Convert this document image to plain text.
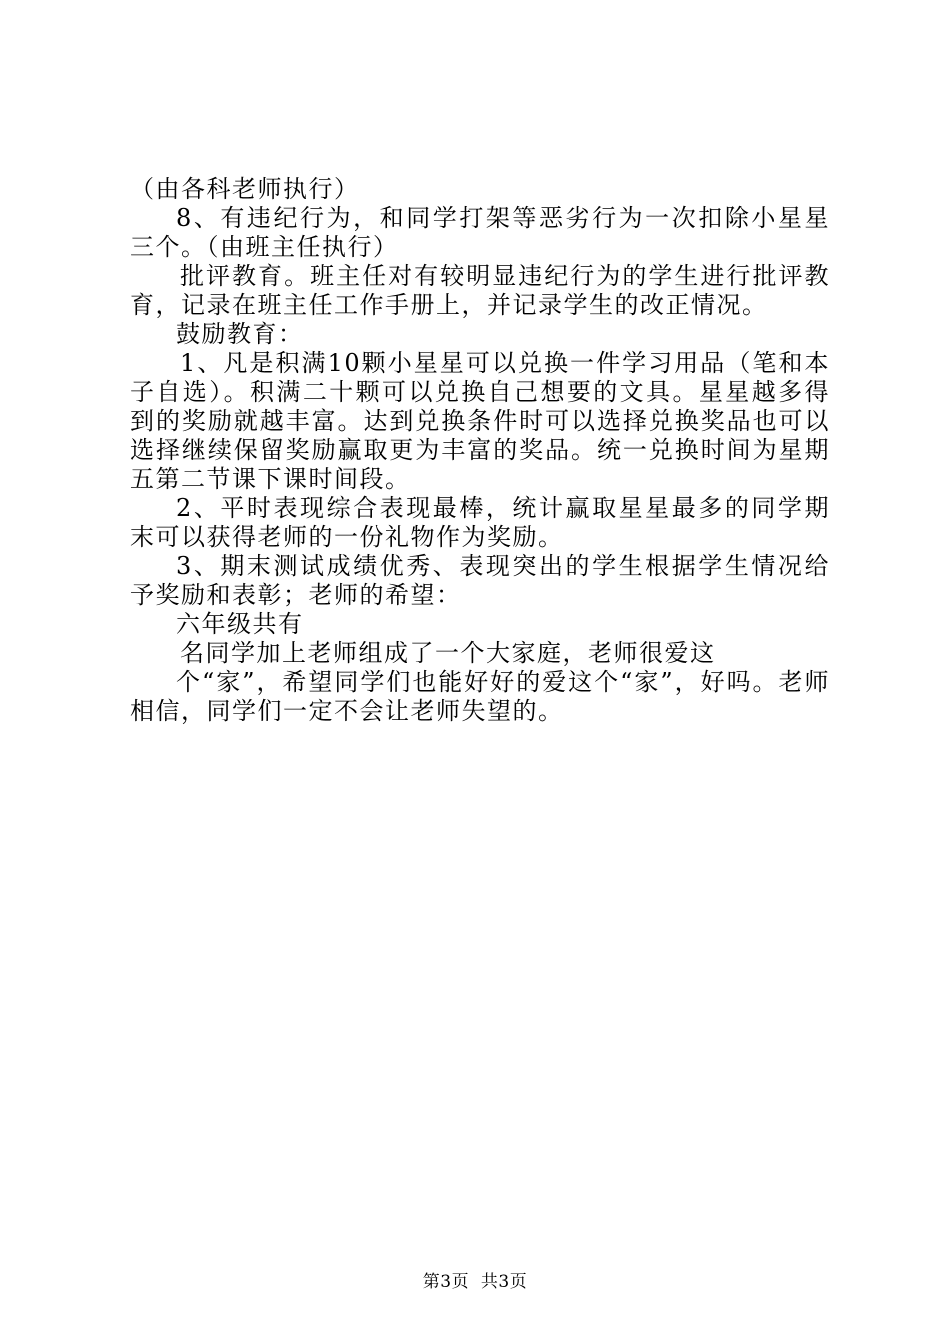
（由各科老师执行）

8、有违纪行为，和同学打架等恶劣行为一次扣除小星星三个。（由班主任执行）

批评教育。班主任对有较明显违纪行为的学生进行批评教育，记录在班主任工作手册上，并记录学生的改正情况。

鼓励教育：

1、凡是积满10颗小星星可以兑换一件学习用品（笔和本子自选）。积满二十颗可以兑换自己想要的文具。星星越多得到的奖励就越丰富。达到兑换条件时可以选择兑换奖品也可以选择继续保留奖励赢取更为丰富的奖品。统一兑换时间为星期五第二节课下课时间段。

2、平时表现综合表现最棒，统计赢取星星最多的同学期末可以获得老师的一份礼物作为奖励。

3、期末测试成绩优秀、表现突出的学生根据学生情况给予奖励和表彰；老师的希望：

六年级共有

名同学加上老师组成了一个大家庭，老师很爱这

个“家”，希望同学们也能好好的爱这个“家”，好吗。老师相信，同学们一定不会让老师失望的。

第3页  共3页
